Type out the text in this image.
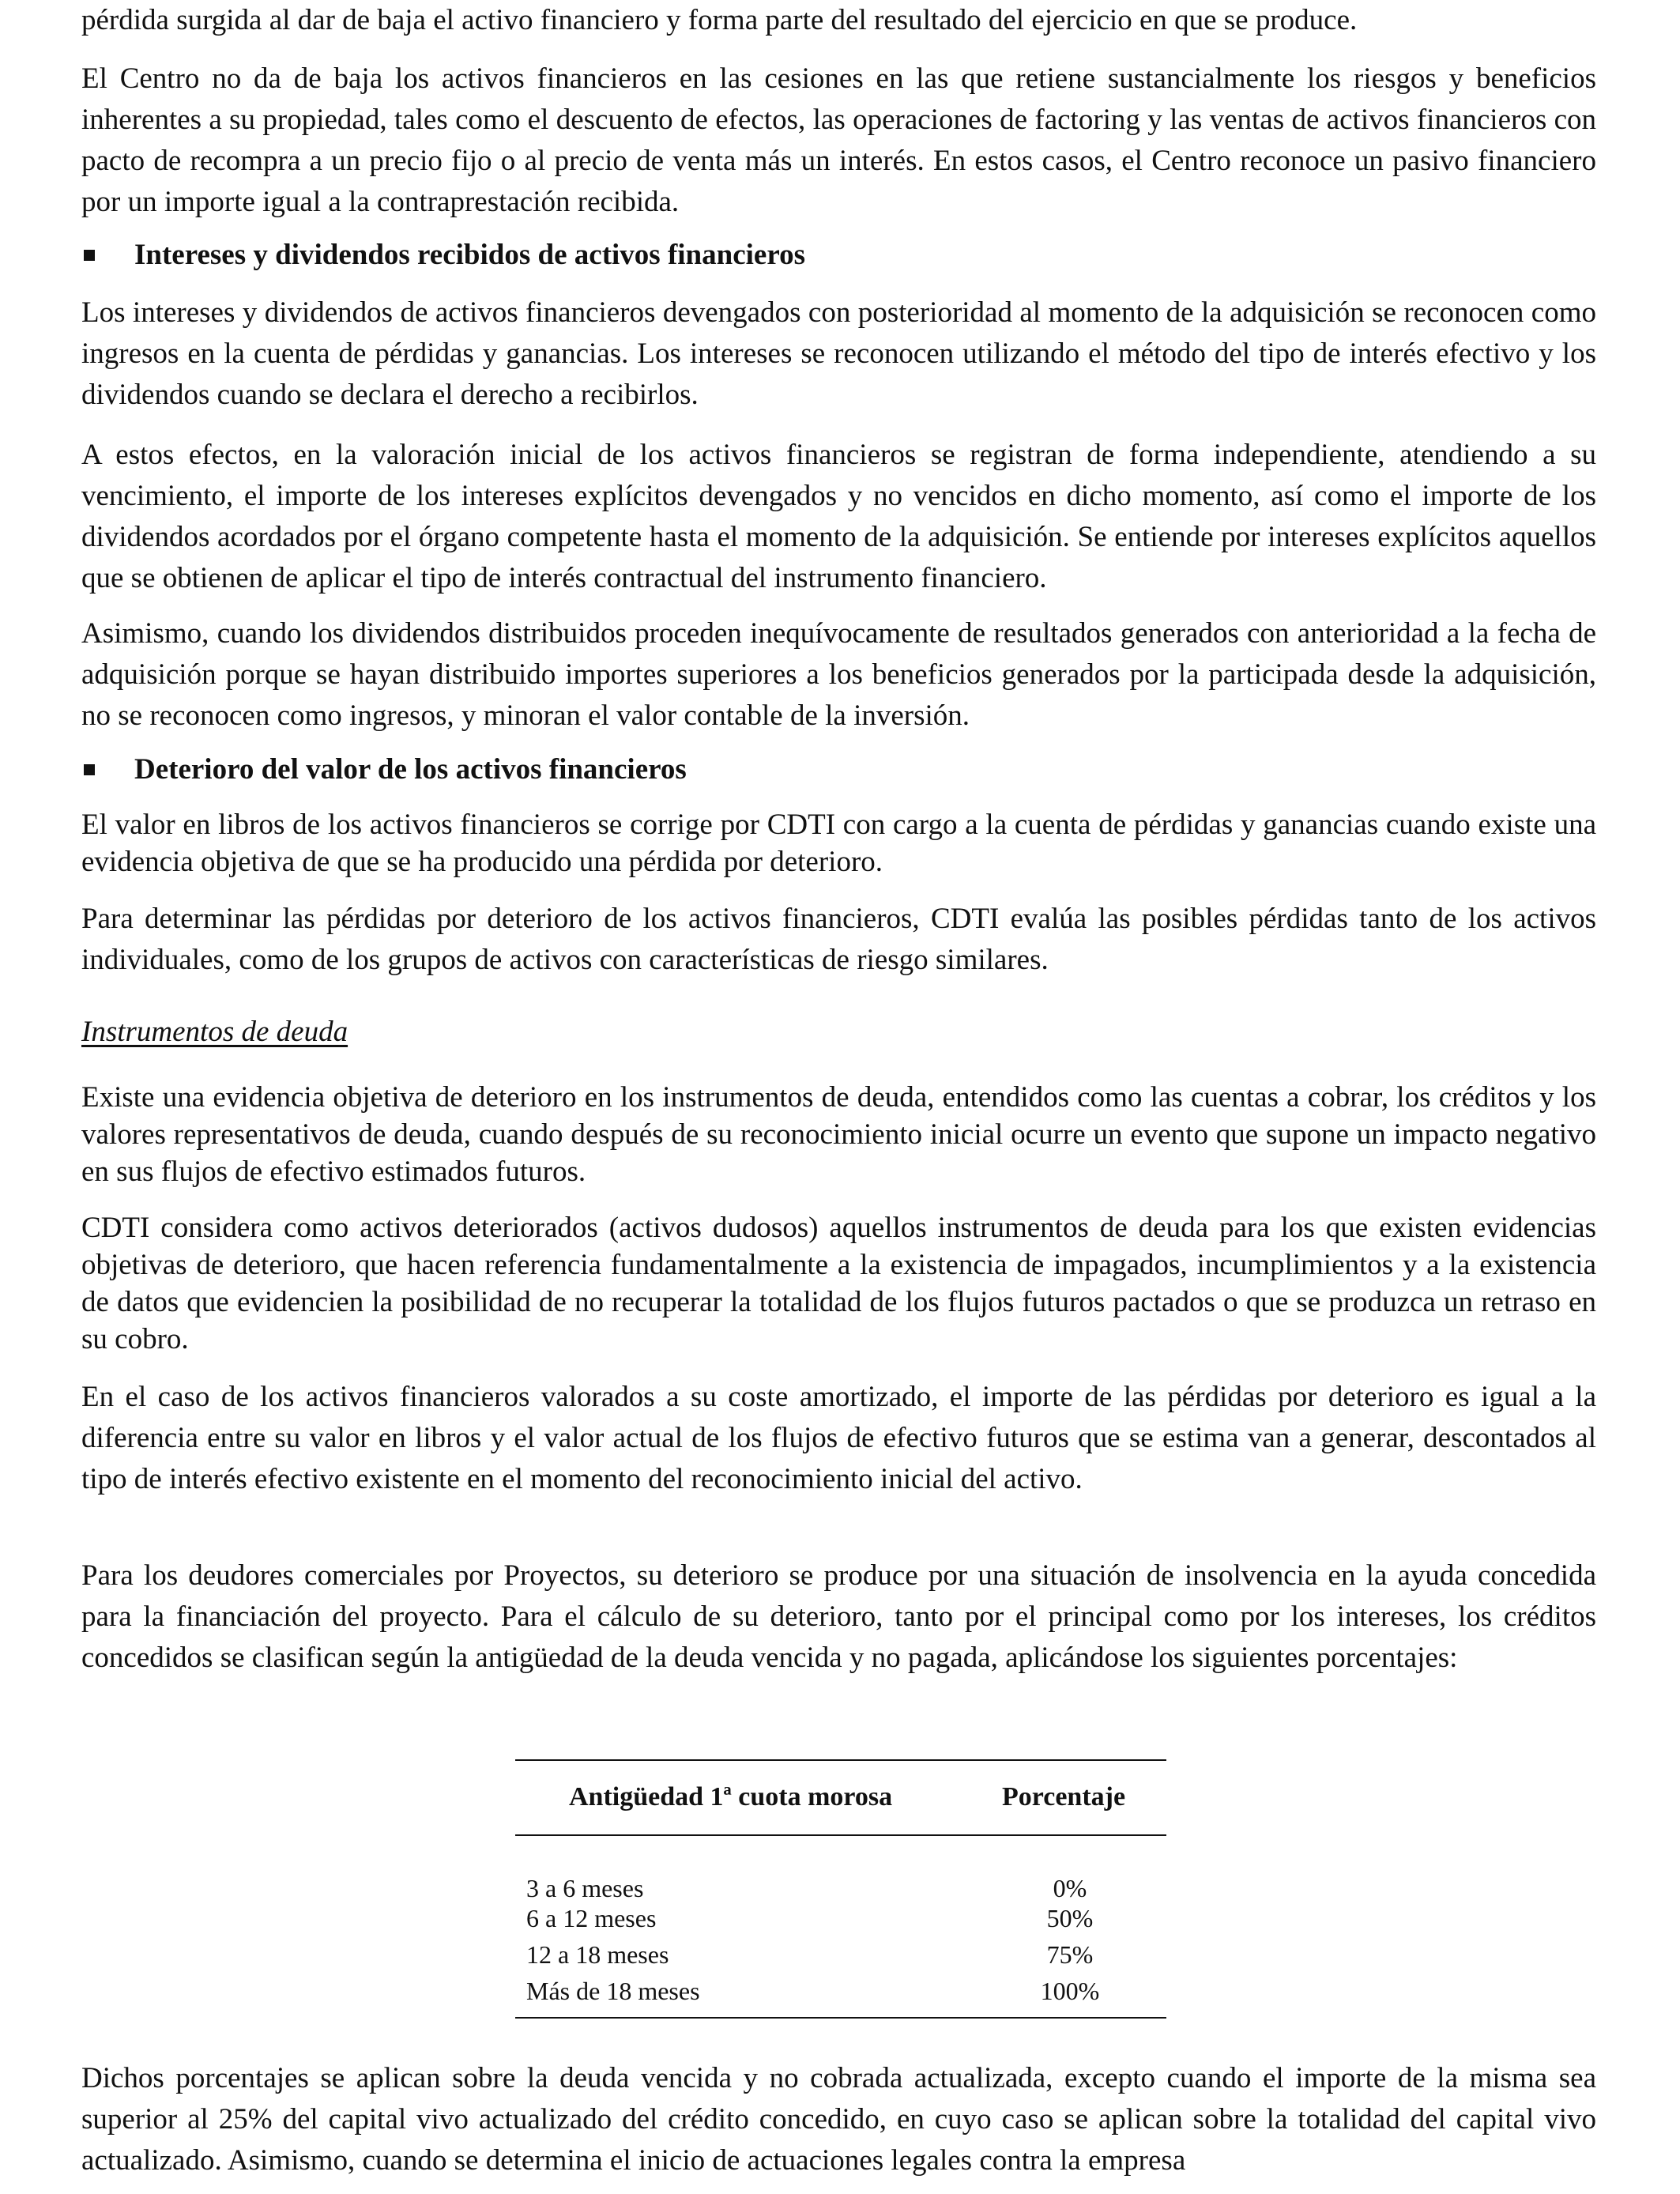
pérdida surgida al dar de baja el activo financiero y forma parte del resultado del ejercicio en que se produce.

El Centro no da de baja los activos financieros en las cesiones en las que retiene sustancialmente los riesgos y beneficios inherentes a su propiedad, tales como el descuento de efectos, las operaciones de factoring y las ventas de activos financieros con pacto de recompra a un precio fijo o al precio de venta más un interés. En estos casos, el Centro reconoce un pasivo financiero por un importe igual a la contraprestación recibida.

Intereses y dividendos recibidos de activos financieros

Los intereses y dividendos de activos financieros devengados con posterioridad al momento de la adquisición se reconocen como ingresos en la cuenta de pérdidas y ganancias. Los intereses se reconocen utilizando el método del tipo de interés efectivo y los dividendos cuando se declara el derecho a recibirlos.

A estos efectos, en la valoración inicial de los activos financieros se registran de forma independiente, atendiendo a su vencimiento, el importe de los intereses explícitos devengados y no vencidos en dicho momento, así como el importe de los dividendos acordados por el órgano competente hasta el momento de la adquisición. Se entiende por intereses explícitos aquellos que se obtienen de aplicar el tipo de interés contractual del instrumento financiero.

Asimismo, cuando los dividendos distribuidos proceden inequívocamente de resultados generados con anterioridad a la fecha de adquisición porque se hayan distribuido importes superiores a los beneficios generados por la participada desde la adquisición, no se reconocen como ingresos, y minoran el valor contable de la inversión.

Deterioro del valor de los activos financieros

El valor en libros de los activos financieros se corrige por CDTI con cargo a la cuenta de pérdidas y ganancias cuando existe una evidencia objetiva de que se ha producido una pérdida por deterioro.

Para determinar las pérdidas por deterioro de los activos financieros, CDTI evalúa las posibles pérdidas tanto de los activos individuales, como de los grupos de activos con características de riesgo similares.

Instrumentos de deuda

Existe una evidencia objetiva de deterioro en los instrumentos de deuda, entendidos como las cuentas a cobrar, los créditos y los valores representativos de deuda, cuando después de su reconocimiento inicial ocurre un evento que supone un impacto negativo en sus flujos de efectivo estimados futuros.

CDTI considera como activos deteriorados (activos dudosos) aquellos instrumentos de deuda para los que existen evidencias objetivas de deterioro, que hacen referencia fundamentalmente a la existencia de impagados, incumplimientos y a la existencia de datos que evidencien la posibilidad de no recuperar la totalidad de los flujos futuros pactados o que se produzca un retraso en su cobro.

En el caso de los activos financieros valorados a su coste amortizado, el importe de las pérdidas por deterioro es igual a la diferencia entre su valor en libros y el valor actual de los flujos de efectivo futuros que se estima van a generar, descontados al tipo de interés efectivo existente en el momento del reconocimiento inicial del activo.

Para los deudores comerciales por Proyectos, su deterioro se produce por una situación de insolvencia en la ayuda concedida para la financiación del proyecto. Para el cálculo de su deterioro, tanto por el principal como por los intereses, los créditos concedidos se clasifican según la antigüedad de la deuda vencida y no pagada, aplicándose los siguientes porcentajes:

Antigüedad 1ª cuota morosa	Porcentaje
3 a 6 meses	0%
6 a 12 meses	50%
12 a 18 meses	75%
Más de 18 meses	100%

Dichos porcentajes se aplican sobre la deuda vencida y no cobrada actualizada, excepto cuando el importe de la misma sea superior al 25% del capital vivo actualizado del crédito concedido, en cuyo caso se aplican sobre la totalidad del capital vivo actualizado. Asimismo, cuando se determina el inicio de actuaciones legales contra la empresa
